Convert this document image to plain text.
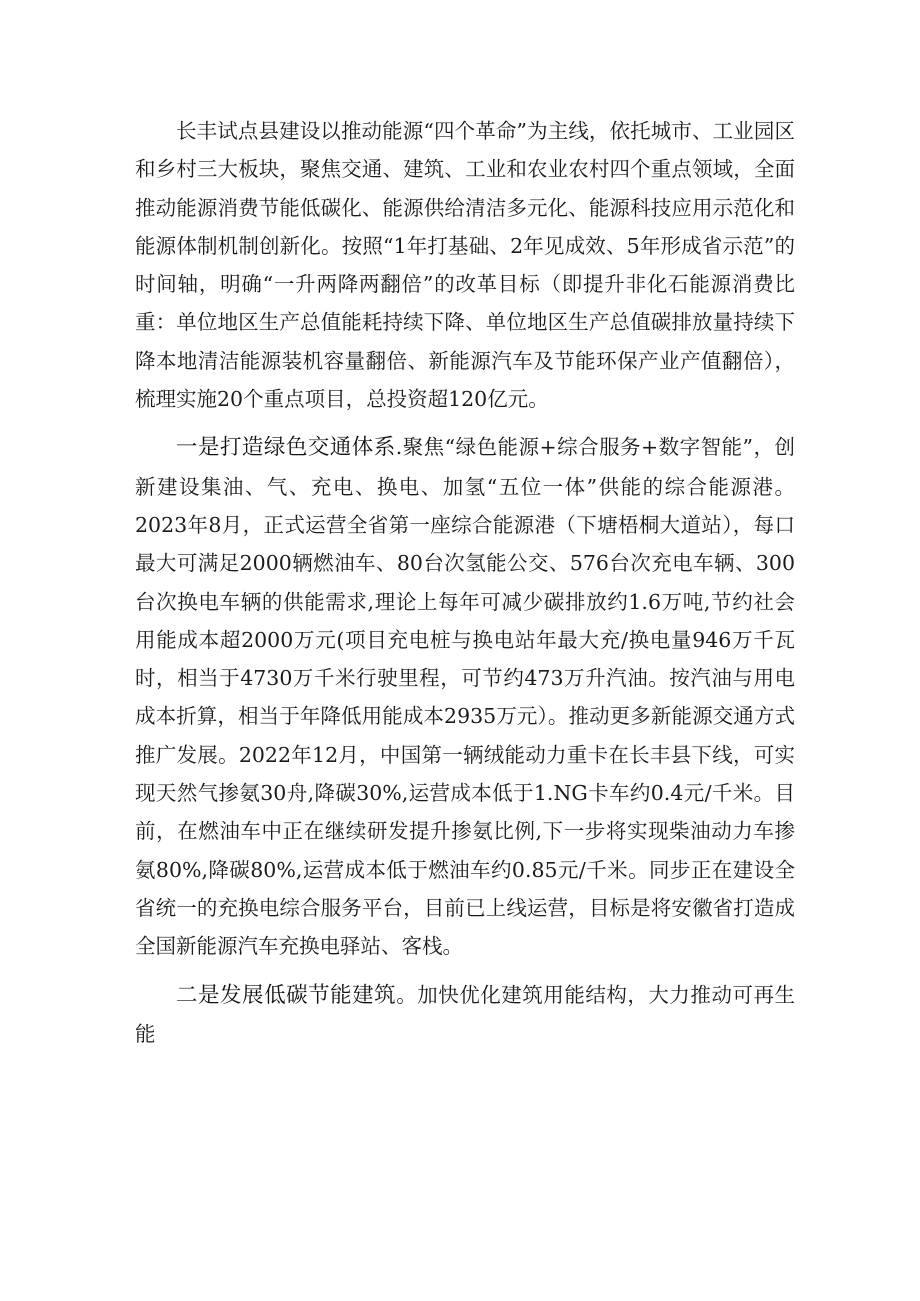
长丰试点县建设以推动能源“四个革命”为主线，依托城市、工业园区和乡村三大板块，聚焦交通、建筑、工业和农业农村四个重点领域，全面推动能源消费节能低碳化、能源供给清洁多元化、能源科技应用示范化和能源体制机制创新化。按照“1年打基础、2年见成效、5年形成省示范”的时间轴，明确“一升两降两翻倍”的改革目标（即提升非化石能源消费比重：单位地区生产总值能耗持续下降、单位地区生产总值碳排放量持续下降本地清洁能源装机容量翻倍、新能源汽车及节能环保产业产值翻倍），梳理实施20个重点项目，总投资超120亿元。

一是打造绿色交通体系.聚焦“绿色能源+综合服务+数字智能”，创新建设集油、气、充电、换电、加氢“五位一体”供能的综合能源港。2023年8月，正式运营全省第一座综合能源港（下塘梧桐大道站），每口最大可满足2000辆燃油车、80台次氢能公交、576台次充电车辆、300台次换电车辆的供能需求,理论上每年可减少碳排放约1.6万吨,节约社会用能成本超2000万元(项目充电桩与换电站年最大充/换电量946万千瓦时，相当于4730万千米行驶里程，可节约473万升汽油。按汽油与用电成本折算，相当于年降低用能成本2935万元）。推动更多新能源交通方式推广发展。2022年12月，中国第一辆绒能动力重卡在长丰县下线，可实现天然气掺氨30舟,降碳30%,运营成本低于1.NG卡车约0.4元/千米。目前，在燃油车中正在继续研发提升掺氨比例,下一步将实现柴油动力车掺氨80%,降碳80%,运营成本低于燃油车约0.85元/千米。同步正在建设全省统一的充换电综合服务平台，目前已上线运营，目标是将安徽省打造成全国新能源汽车充换电驿站、客栈。

二是发展低碳节能建筑。加快优化建筑用能结构，大力推动可再生能
